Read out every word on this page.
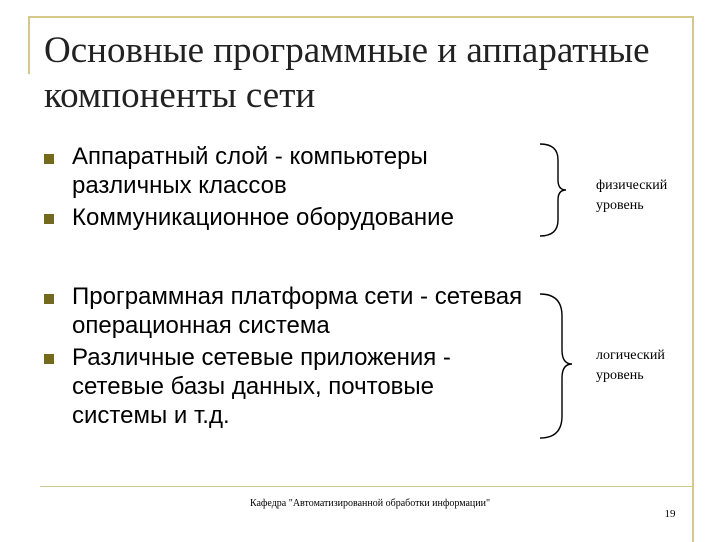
Основные программные и аппаратные компоненты сети
Аппаратный слой - компьютеры различных классов
Коммуникационное оборудование
Программная платформа сети - сетевая операционная система
Различные сетевые приложения - сетевые базы данных, почтовые системы и т.д.
физический уровень
логический уровень
Кафедра "Автоматизированной обработки информации"
19
